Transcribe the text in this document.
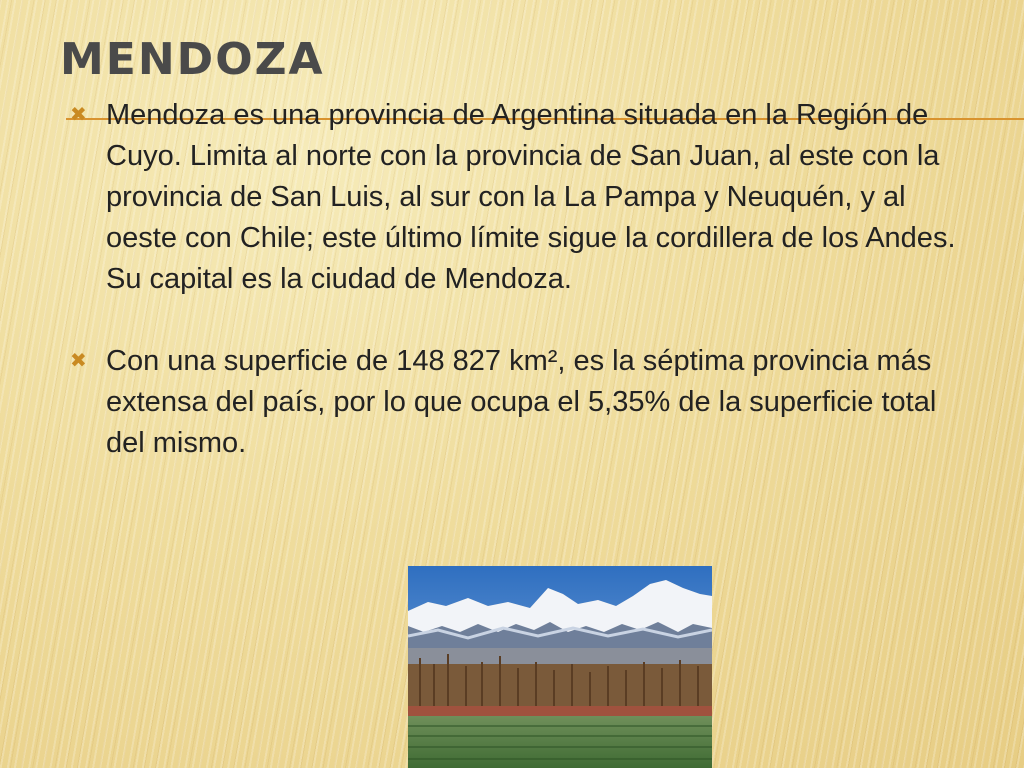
MENDOZA
✖ Mendoza es una provincia de Argentina situada en la Región de Cuyo. Limita al norte con la provincia de San Juan, al este con la provincia de San Luis, al sur con la La Pampa y Neuquén, y al oeste con Chile; este último límite sigue la cordillera de los Andes. Su capital es la ciudad de Mendoza.
✖ Con una superficie de 148 827 km², es la séptima provincia más extensa del país, por lo que ocupa el 5,35% de la superficie total del mismo.
